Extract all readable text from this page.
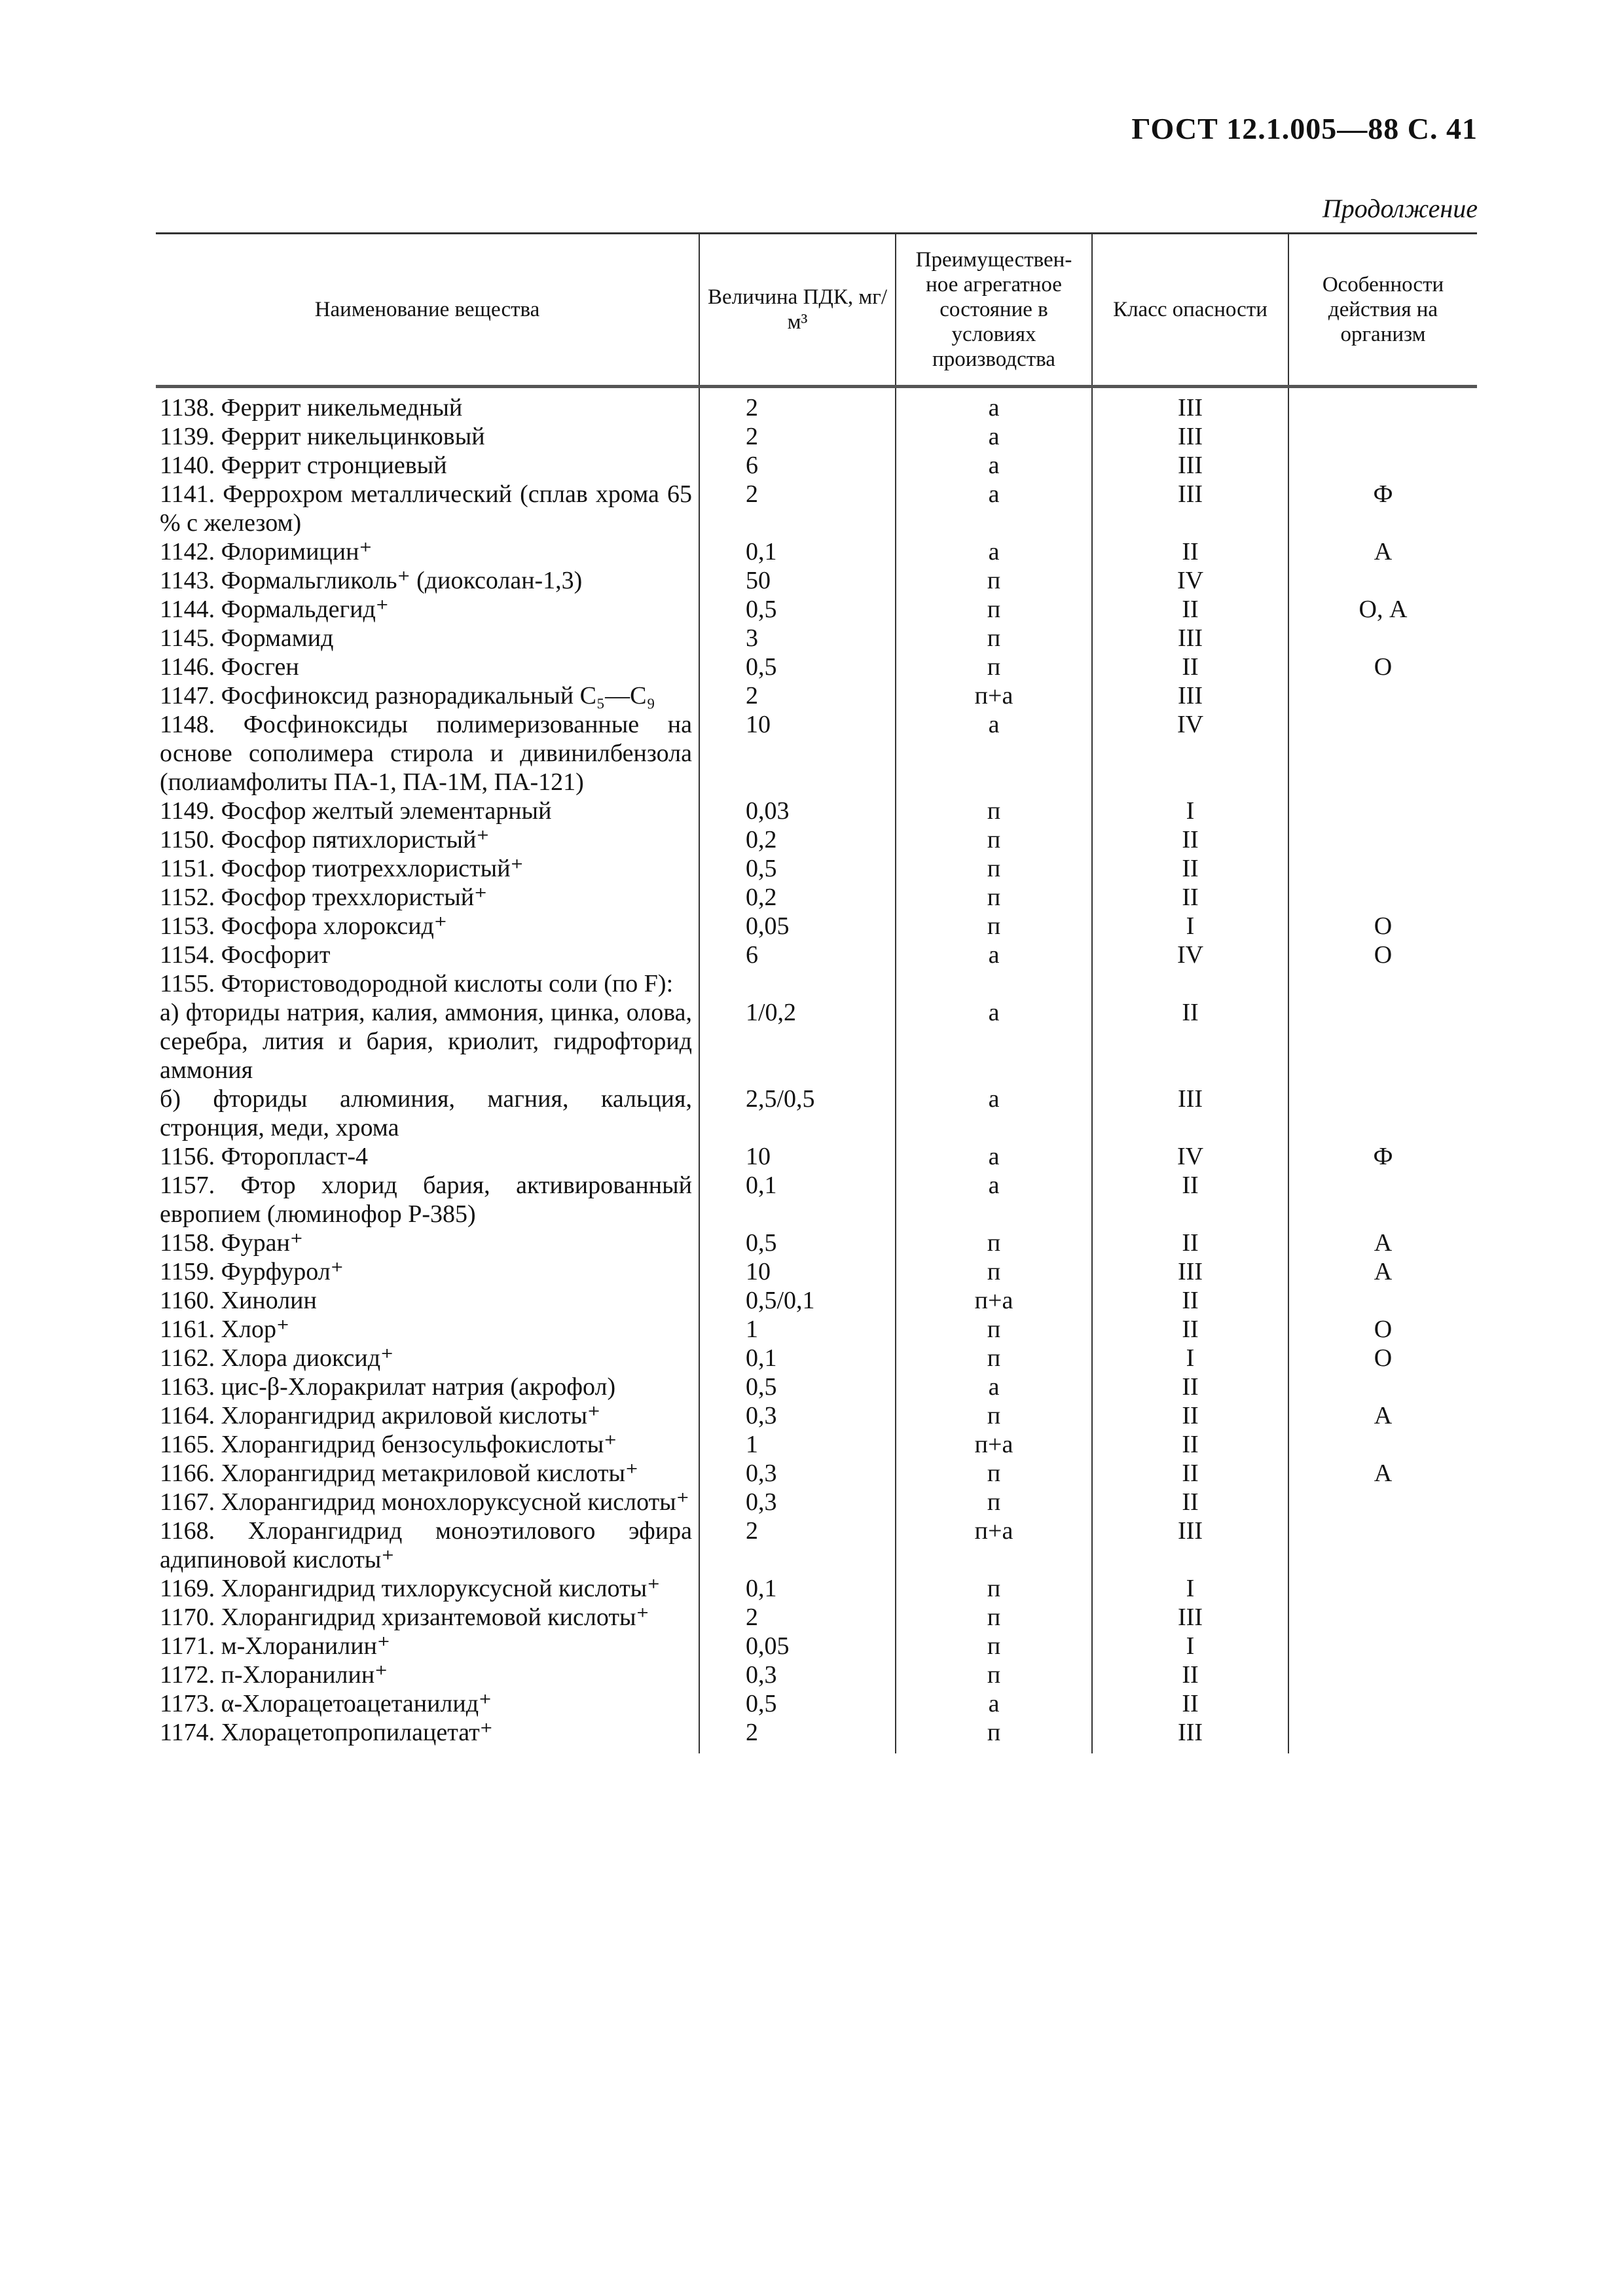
ГОСТ 12.1.005—88 С. 41
Продолжение
Наименование вещества	Величина ПДК, мг/м³	Преимуществен-ное агрегатное состояние в условиях производства	Класс опасности	Особенности действия на организм
1138. Феррит никельмедный	2	а	III	
1139. Феррит никельцинковый	2	а	III	
1140. Феррит стронциевый	6	а	III	
1141. Феррохром металлический (сплав хрома 65 % с железом)	2	а	III	Ф
1142. Флоримицин⁺	0,1	а	II	А
1143. Формальгликоль⁺ (диоксолан-1,3)	50	п	IV	
1144. Формальдегид⁺	0,5	п	II	О, А
1145. Формамид	3	п	III	
1146. Фосген	0,5	п	II	О
1147. Фосфиноксид разнорадикальный C₅—C₉	2	п+а	III	
1148. Фосфиноксиды полимеризованные на основе сополимера стирола и дивинилбензола (полиамфолиты ПА-1, ПА-1М, ПА-121)	10	а	IV	
1149. Фосфор желтый элементарный	0,03	п	I	
1150. Фосфор пятихлористый⁺	0,2	п	II	
1151. Фосфор тиотреххлористый⁺	0,5	п	II	
1152. Фосфор треххлористый⁺	0,2	п	II	
1153. Фосфора хлороксид⁺	0,05	п	I	О
1154. Фосфорит	6	а	IV	О
1155. Фтористоводородной кислоты соли (по F):				
а) фториды натрия, калия, аммония, цинка, олова, серебра, лития и бария, криолит, гидрофторид аммония	1/0,2	а	II	
б) фториды алюминия, магния, кальция, стронция, меди, хрома	2,5/0,5	а	III	
1156. Фторопласт-4	10	а	IV	Ф
1157. Фтор хлорид бария, активированный европием (люминофор Р-385)	0,1	а	II	
1158. Фуран⁺	0,5	п	II	А
1159. Фурфурол⁺	10	п	III	А
1160. Хинолин	0,5/0,1	п+а	II	
1161. Хлор⁺	1	п	II	О
1162. Хлора диоксид⁺	0,1	п	I	О
1163. цис-β-Хлоракрилат натрия (акрофол)	0,5	а	II	
1164. Хлорангидрид акриловой кислоты⁺	0,3	п	II	А
1165. Хлорангидрид бензосульфокислоты⁺	1	п+а	II	
1166. Хлорангидрид метакриловой кислоты⁺	0,3	п	II	А
1167. Хлорангидрид монохлоруксусной кислоты⁺	0,3	п	II	
1168. Хлорангидрид моноэтилового эфира адипиновой кислоты⁺	2	п+а	III	
1169. Хлорангидрид тихлоруксусной кислоты⁺	0,1	п	I	
1170. Хлорангидрид хризантемовой кислоты⁺	2	п	III	
1171. м-Хлоранилин⁺	0,05	п	I	
1172. п-Хлоранилин⁺	0,3	п	II	
1173. α-Хлорацетоацетанилид⁺	0,5	а	II	
1174. Хлорацетопропилацетат⁺	2	п	III	
